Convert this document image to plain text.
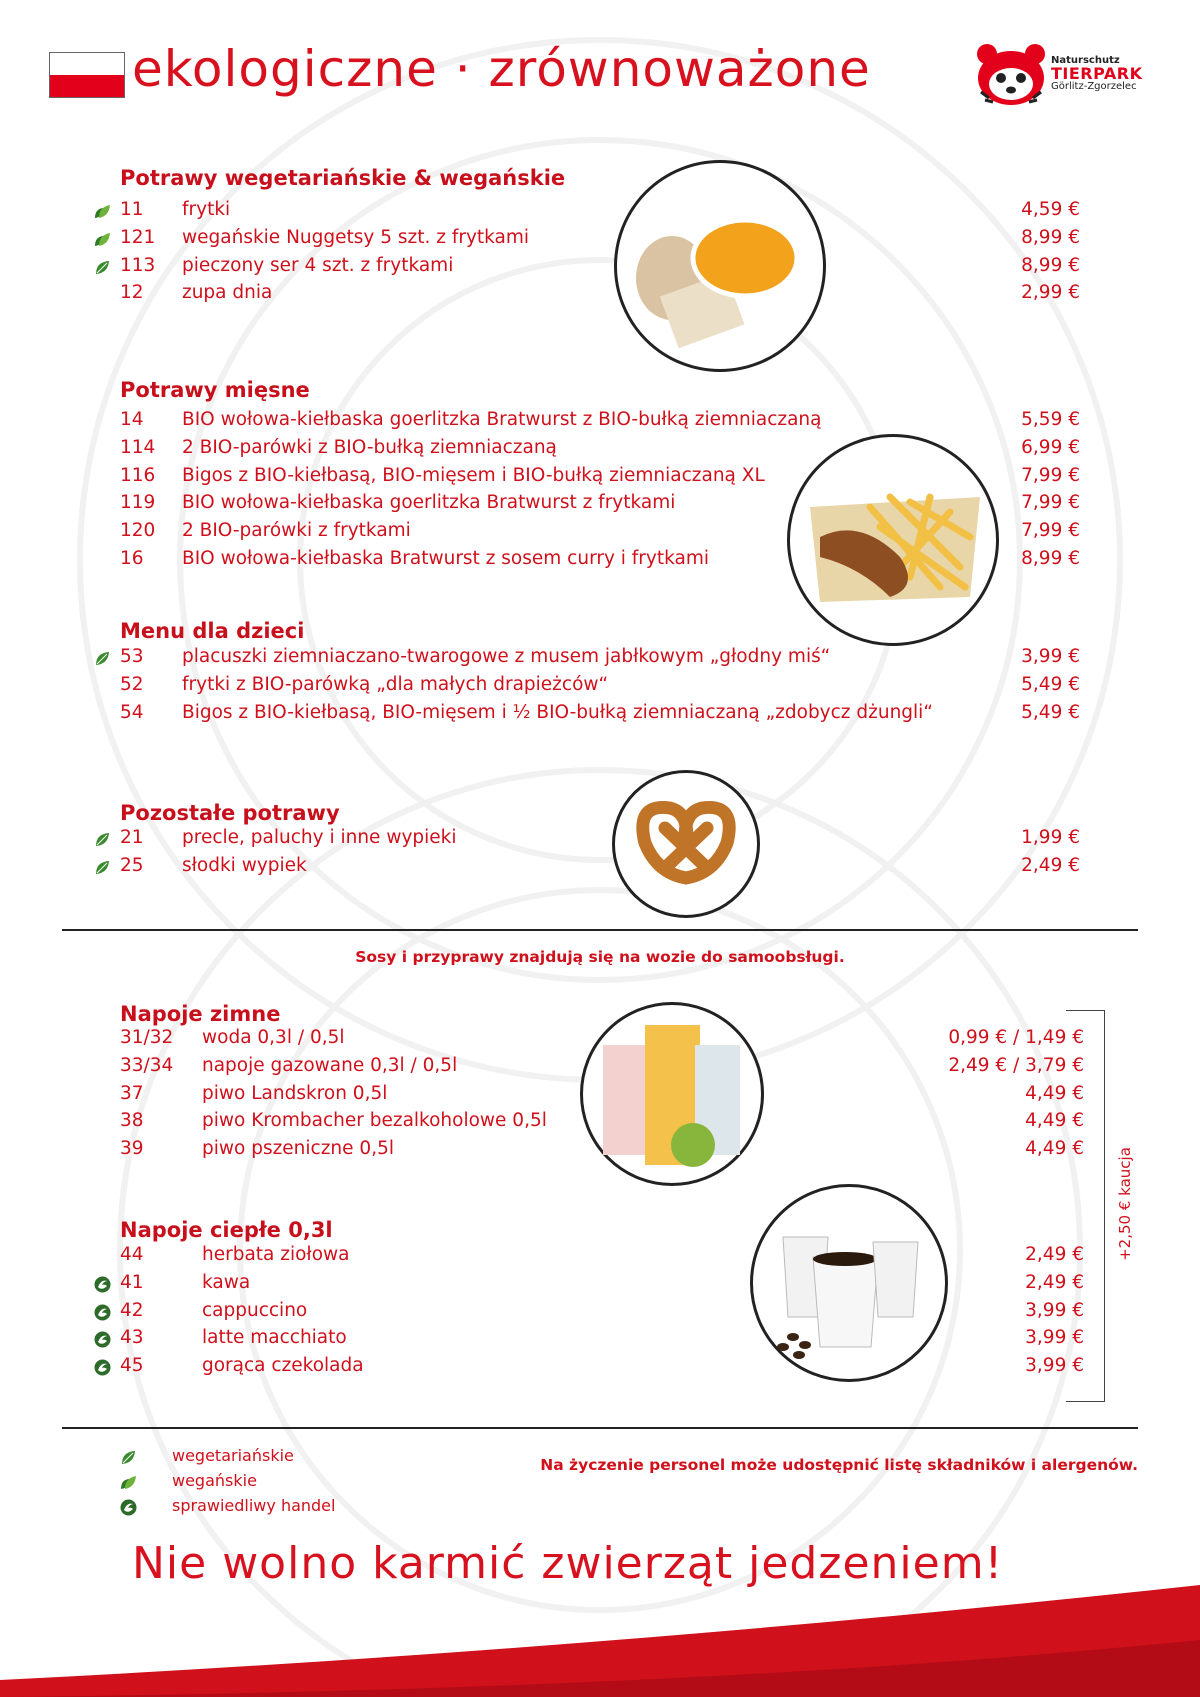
ekologiczne · zrównoważone	Naturschutz
TIERPARK
Görlitz-Zgorzelec
Potrawy wegetariańskie & wegańskie
Potrawy mięsne
Menu dla dzieci
Pozostałe potrawy
Sosy i przyprawy znajdują się na wozie do samoobsługi.
Napoje zimne
Napoje ciepłe 0,3l	+2,50 € kaucja
wegetariańskie
wegańskie
sprawiedliwy handel
Na życzenie personel może udostępnić listę składników i alergenów.
Nie wolno karmić zwierząt jedzeniem!
11 frytki	4,59 €
121 wegańskie Nuggetsy 5 szt. z frytkami	8,99 €
113 pieczony ser 4 szt. z frytkami	8,99 €
12 zupa dnia	2,99 €
14 BIO wołowa-kiełbaska goerlitzka Bratwurst z BIO-bułką ziemniaczaną	5,59 €
114 2 BIO-parówki z BIO-bułką ziemniaczaną	6,99 €
116 Bigos z BIO-kiełbasą, BIO-mięsem i BIO-bułką ziemniaczaną XL	7,99 €
119 BIO wołowa-kiełbaska goerlitzka Bratwurst z frytkami	7,99 €
120 2 BIO-parówki z frytkami	7,99 €
16 BIO wołowa-kiełbaska Bratwurst z sosem curry i frytkami	8,99 €
53 placuszki ziemniaczano-twarogowe z musem jabłkowym „głodny miś“	3,99 €
52 frytki z BIO-parówką „dla małych drapieżców“	5,49 €
54 Bigos z BIO-kiełbasą, BIO-mięsem i ½ BIO-bułką ziemniaczaną „zdobycz dżungli“	5,49 €
21 precle, paluchy i inne wypieki	1,99 €
25 słodki wypiek	2,49 €
31/32 woda 0,3l / 0,5l	0,99 € / 1,49 €
33/34 napoje gazowane 0,3l / 0,5l	2,49 € / 3,79 €
37	piwo Landskron 0,5l	4,49 €
38	piwo Krombacher bezalkoholowe 0,5l	4,49 €
39	piwo pszeniczne 0,5l	4,49 €
44	herbata ziołowa	2,49 €
41	kawa	2,49 €
42	cappuccino	3,99 €
43	latte macchiato	3,99 €
45	gorąca czekolada	3,99 €
